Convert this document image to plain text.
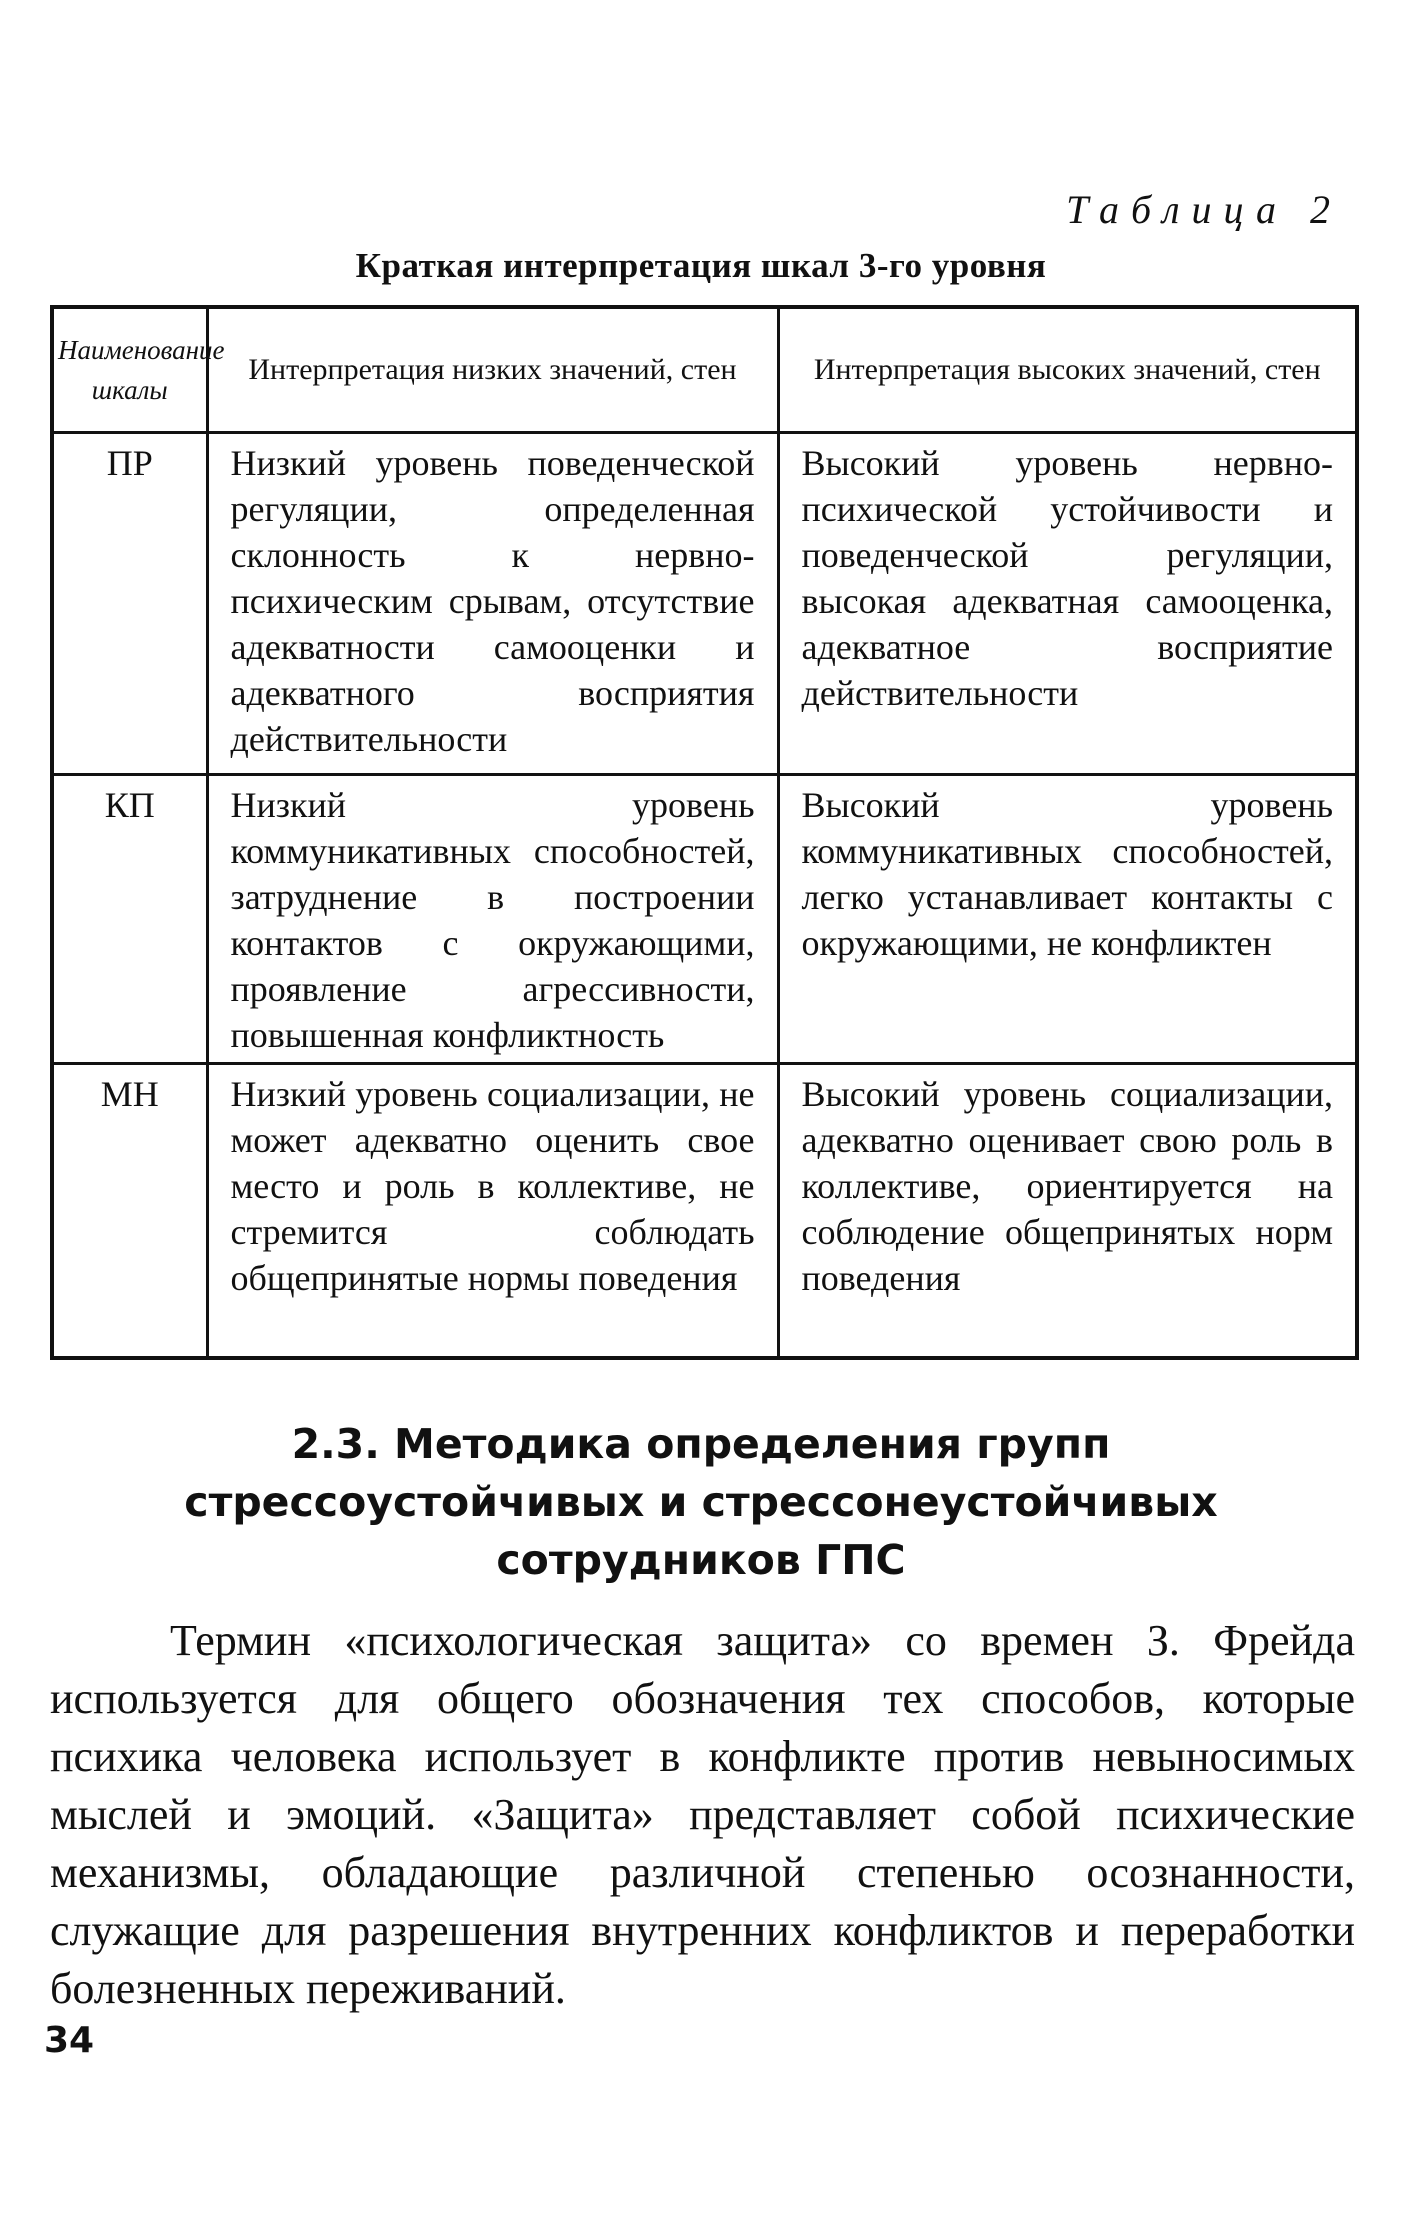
Таблица 2
Краткая интерпретация шкал 3-го уровня
Наименование шкалы	Интерпретация низких значений, стен	Интерпретация высоких значений, стен
ПР	Низкий уровень поведенческой регуляции, определенная склонность к нервно-психическим срывам, отсутствие адекватности самооценки и адекватного восприятия действительности	Высокий уровень нервно-психической устойчивости и поведенческой регуляции, высокая адекватная самооценка, адекватное восприятие действительности
КП	Низкий уровень коммуникативных способностей, затруднение в построении контактов с окружающими, проявление агрессивности, повышенная конфликтность	Высокий уровень коммуникативных способностей, легко устанавливает контакты с окружающими, не конфликтен
МН	Низкий уровень социализации, не может адекватно оценить свое место и роль в коллективе, не стремится соблюдать общепринятые нормы поведения	Высокий уровень социализации, адекватно оценивает свою роль в коллективе, ориентируется на соблюдение общепринятых норм поведения
2.3. Методика определения групп
стрессоустойчивых и стрессонеустойчивых
сотрудников ГПС
Термин «психологическая защита» со времен З. Фрейда используется для общего обозначения тех способов, которые психика человека использует в конфликте против невыносимых мыслей и эмоций. «Защита» представляет собой психические механизмы, обладающие различной степенью осознанности, служащие для разрешения внутренних конфликтов и переработки болезненных переживаний.
34
